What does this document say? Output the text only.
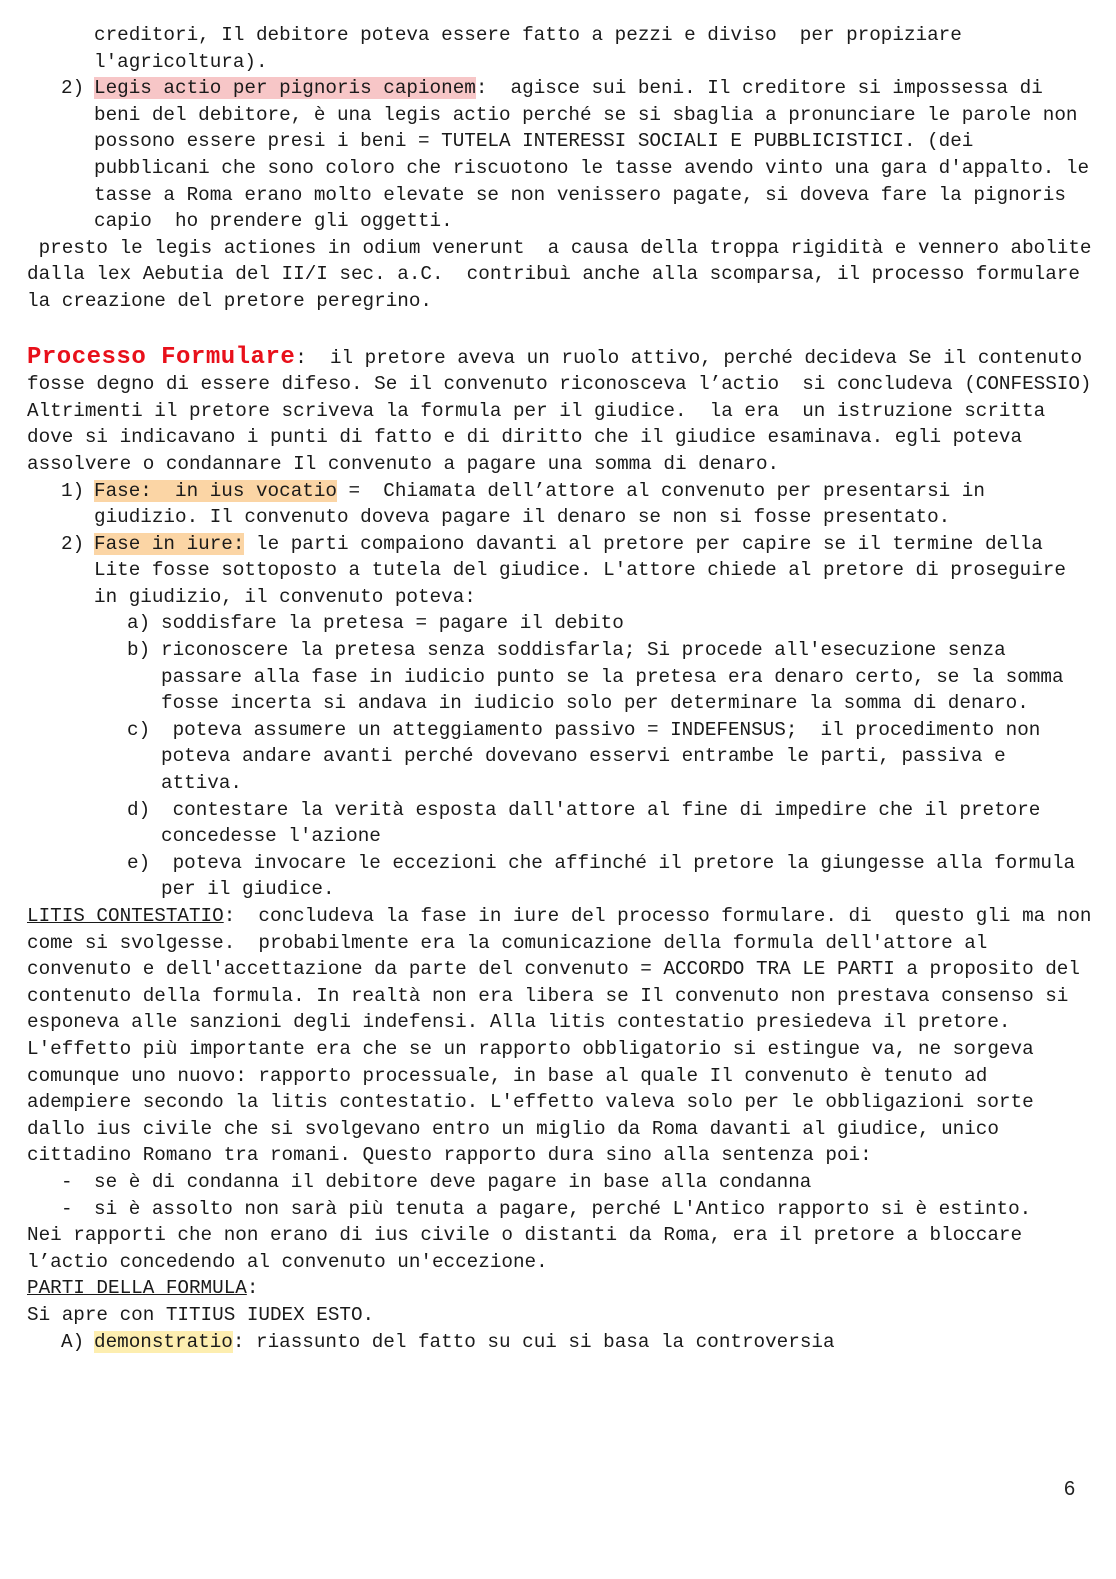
creditori, Il debitore poteva essere fatto a pezzi e diviso  per propiziare l'agricoltura).
2) Legis actio per pignoris capionem:  agisce sui beni. Il creditore si impossessa di beni del debitore, è una legis actio perché se si sbaglia a pronunciare le parole non possono essere presi i beni = TUTELA INTERESSI SOCIALI E PUBBLICISTICI. (dei pubblicani che sono coloro che riscuotono le tasse avendo vinto una gara d'appalto. le tasse a Roma erano molto elevate se non venissero pagate, si doveva fare la pignoris capio  ho prendere gli oggetti.
presto le legis actiones in odium venerunt  a causa della troppa rigidità e vennero abolite dalla lex Aebutia del II/I sec. a.C.  contribuì anche alla scomparsa, il processo formulare la creazione del pretore peregrino.
Processo Formulare:  il pretore aveva un ruolo attivo, perché decideva Se il contenuto fosse degno di essere difeso. Se il convenuto riconosceva l’actio  si concludeva (CONFESSIO) Altrimenti il pretore scriveva la formula per il giudice.  la era  un istruzione scritta dove si indicavano i punti di fatto e di diritto che il giudice esaminava. egli poteva assolvere o condannare Il convenuto a pagare una somma di denaro.
1) Fase:  in ius vocatio =  Chiamata dell’attore al convenuto per presentarsi in giudizio. Il convenuto doveva pagare il denaro se non si fosse presentato.
2) Fase in iure: le parti compaiono davanti al pretore per capire se il termine della Lite fosse sottoposto a tutela del giudice. L'attore chiede al pretore di proseguire in giudizio, il convenuto poteva:
a) soddisfare la pretesa = pagare il debito
b) riconoscere la pretesa senza soddisfarla; Si procede all'esecuzione senza passare alla fase in iudicio punto se la pretesa era denaro certo, se la somma fosse incerta si andava in iudicio solo per determinare la somma di denaro.
c) poteva assumere un atteggiamento passivo = INDEFENSUS;  il procedimento non poteva andare avanti perché dovevano esservi entrambe le parti, passiva e attiva.
d) contestare la verità esposta dall'attore al fine di impedire che il pretore concedesse l'azione
e) poteva invocare le eccezioni che affinché il pretore la giungesse alla formula per il giudice.
LITIS CONTESTATIO:  concludeva la fase in iure del processo formulare. di  questo gli ma non come si svolgesse.  probabilmente era la comunicazione della formula dell'attore al convenuto e dell'accettazione da parte del convenuto = ACCORDO TRA LE PARTI a proposito del contenuto della formula. In realtà non era libera se Il convenuto non prestava consenso si esponeva alle sanzioni degli indefensi. Alla litis contestatio presiedeva il pretore. L'effetto più importante era che se un rapporto obbligatorio si estingue va, ne sorgeva comunque uno nuovo: rapporto processuale, in base al quale Il convenuto è tenuto ad adempiere secondo la litis contestatio. L'effetto valeva solo per le obbligazioni sorte dallo ius civile che si svolgevano entro un miglio da Roma davanti al giudice, unico  cittadino Romano tra romani. Questo rapporto dura sino alla sentenza poi:
-	se è di condanna il debitore deve pagare in base alla condanna
-	si è assolto non sarà più tenuta a pagare, perché L'Antico rapporto si è estinto.
Nei rapporti che non erano di ius civile o distanti da Roma, era il pretore a bloccare l’actio concedendo al convenuto un'eccezione.
PARTI DELLA FORMULA:
Si apre con TITIUS IUDEX ESTO.
A) demonstratio: riassunto del fatto su cui si basa la controversia
6
